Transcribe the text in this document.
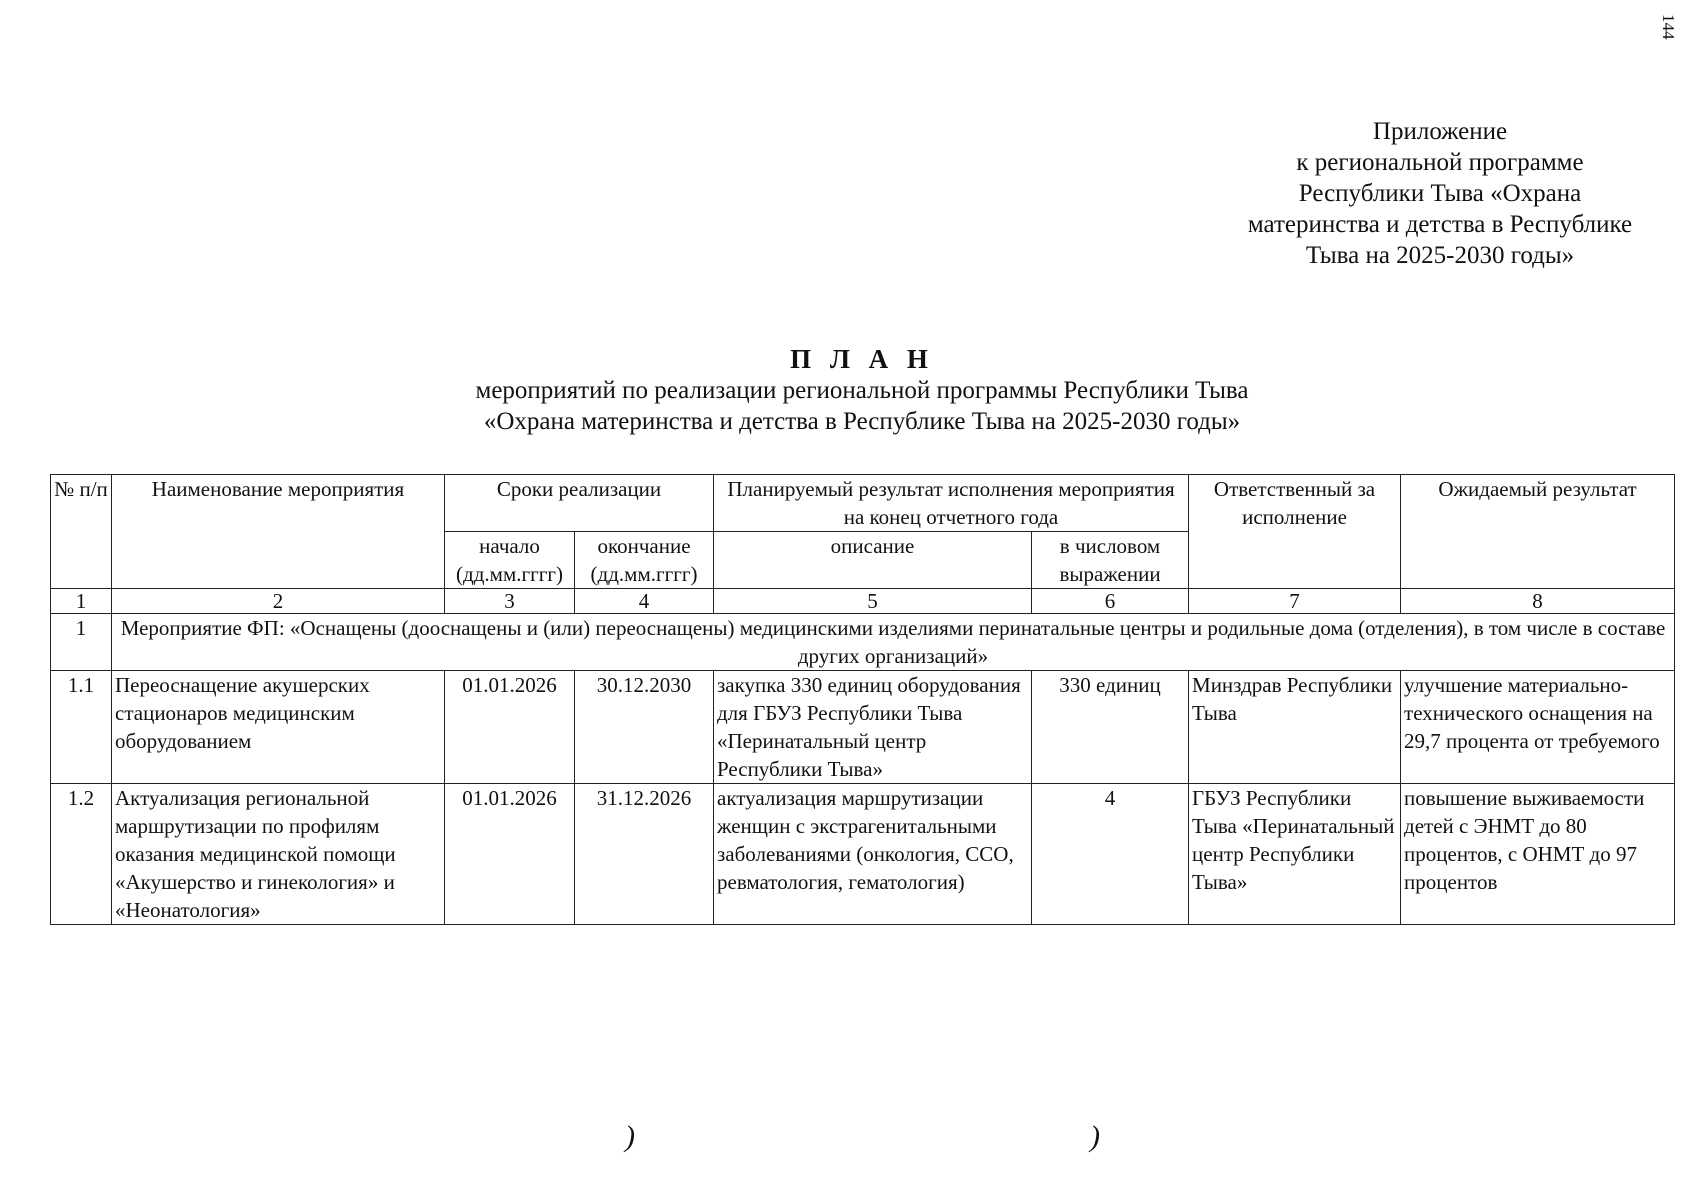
144
Приложение
к региональной программе
Республики Тыва «Охрана
материнства и детства в Республике
Тыва на 2025-2030 годы»
П Л А Н
мероприятий по реализации региональной программы Республики Тыва
«Охрана материнства и детства в Республике Тыва на 2025-2030 годы»
№ п/п	Наименование мероприятия	Сроки реализации		Планируемый результат исполнения мероприятия на конец отчетного года		Ответственный за исполнение	Ожидаемый результат
		начало (дд.мм.гггг)	окончание (дд.мм.гггг)	описание	в числовом выражении		
1	2	3	4	5	6	7	8
1	Мероприятие ФП: «Оснащены (дооснащены и (или) переоснащены) медицинскими изделиями перинатальные центры и родильные дома (отделения), в том числе в составе других организаций»						
1.1	Переоснащение акушерских стационаров медицинским оборудованием	01.01.2026	30.12.2030	закупка 330 единиц оборудования для ГБУЗ Республики Тыва «Перинатальный центр Республики Тыва»	330 единиц	Минздрав Республики Тыва	улучшение материально-технического оснащения на 29,7 процента от требуемого
1.2	Актуализация региональной маршрутизации по профилям оказания медицинской помощи «Акушерство и гинекология» и «Неонатология»	01.01.2026	31.12.2026	актуализация маршрутизации женщин с экстрагенитальными заболеваниями (онкология, ССО, ревматология, гематология)	4	ГБУЗ Республики Тыва «Перинатальный центр Республики Тыва»	повышение выживаемости детей с ЭНМТ до 80 процентов, с ОНМТ до 97 процентов
)	)
